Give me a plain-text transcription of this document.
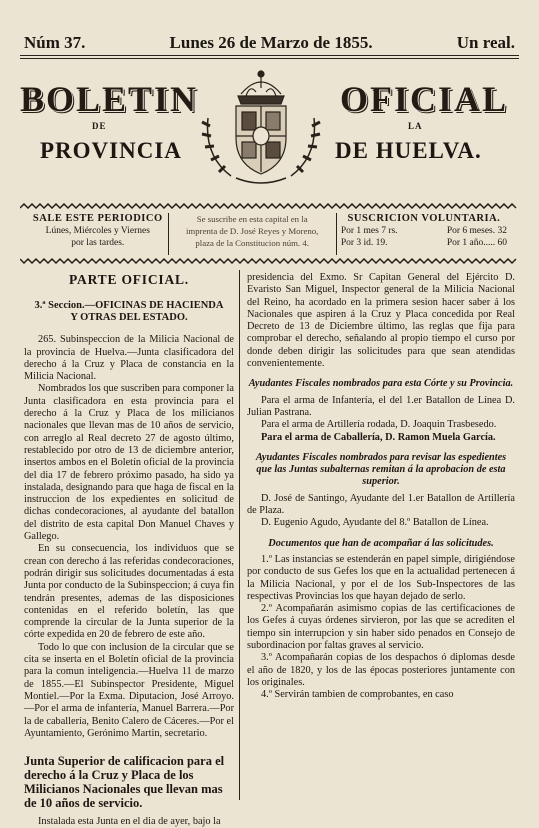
Núm 37.	Lunes 26 de Marzo de 1855.	Un real.
BOLETIN	OFICIAL
DE	LA
PROVINCIA	DE HUELVA.
SALE ESTE PERIODICO
Lúnes, Miércoles y Viernes
por las tardes.
Se suscribe en esta capital en la
imprenta de D. José Reyes y Moreno,
plaza de la Constitucion núm. 4.
SUSCRICION VOLUNTARIA.
Por 1 mes 7 rs.	Por 6 meses. 32
Por 3 id. 19.	Por 1 año..... 60
PARTE OFICIAL.
3.ª Seccion.—OFICINAS DE HACIENDA
Y OTRAS DEL ESTADO.

265. Subinspeccion de la Milicia Nacional de la provincia de Huelva.—Junta clasificadora del derecho á la Cruz y Placa de constancia en la Milicia Nacional.

Nombrados los que suscriben para componer la Junta clasificadora en esta provincia para el derecho á la Cruz y Placa de los milicianos nacionales que llevan mas de 10 años de servicio, con arreglo al Real decreto 27 de agosto último, restablecido por otro de 13 de diciembre anterior, insertos ambos en el Boletín oficial de la provincia del dia 17 de febrero próximo pasado, ha sido ya instalada, designando para que haga de fiscal en la instruccion de los expedientes en solicitud de dichas condecoraciones, al ayudante del batallon del distrito de esta capital Don Manuel Chaves y Gallego.

En su consecuencia, los individuos que se crean con derecho á las referidas condecoraciones, podrán dirigir sus solicitudes documentadas á esta Junta por conducto de la Subinspeccion; á cuya fin tendrán presentes, ademas de las disposiciones contenidas en el referido boletín, las que comprende la circular de la Junta superior de la córte expedida en 20 de febrero de este año.

Todo lo que con inclusion de la circular que se cita se inserta en el Boletín oficial de la provincia para la comun inteligencia.—Huelva 11 de marzo de 1855.—El Subinspector Presidente, Miguel Montiel.—Por la Exma. Diputacion, José Arroyo.—Por el arma de infantería, Manuel Barrera.—Por la de caballería, Benito Calero de Cáceres.—Por el Ayuntamiento, Gerónimo Martin, secretario.

Junta Superior de calificacion para el derecho á la Cruz y Placa de los Milicianos Nacionales que llevan mas de 10 años de servicio.

Instalada esta Junta en el dia de ayer, bajo la

presidencia del Exmo. Sr Capitan General del Ejército D. Evaristo San Miguel, Inspector general de la Milicia Nacional del Reino, ha acordado en la primera sesion hacer saber á los Nacionales que aspiren á la Cruz y Placa concedida por Real Decreto de 13 de Diciembre último, las reglas que fija para comprobar el derecho, señalando al propio tiempo el curso por donde deben dirigir las solicitudes para que sean atendidas convenientemente.

Ayudantes Fiscales nombrados para esta Córte y su Provincia.

Para el arma de Infantería, el del 1.er Batallon de Línea D. Julian Pastrana.

Para el arma de Artillería rodada, D. Joaquin Trasbesedo.

Para el arma de Caballería, D. Ramon Muela García.

Ayudantes Fiscales nombrados para revisar las espedientes que las Juntas subalternas remitan á la aprobacion de esta superior.

D. José de Santingo, Ayudante del 1.er Batallon de Artillería de Plaza.

D. Eugenio Agudo, Ayudante del 8.º Batallon de Línea.

Documentos que han de acompañar á las solicitudes.

1.º Las instancias se estenderán en papel simple, dirigiéndose por conducto de sus Gefes los que en la actualidad pertenecen á la Milicia Nacional, y por el de los Sub-Inspectores de las respectivas Provincias los que hayan dejado de serlo.

2.º Acompañarán asimismo copias de las certificaciones de los Gefes á cuyas órdenes sirvieron, por las que se acrediten el tiempo sin interrupcion y sin haber sido penados en Consejo de subordinacion por faltas graves al servicio.

3.º Acompañarán copias de los despachos ó diplomas desde el año de 1820, y los de las épocas posteriores juntamente con los originales.

4.º Servirán tambien de comprobantes, en caso
